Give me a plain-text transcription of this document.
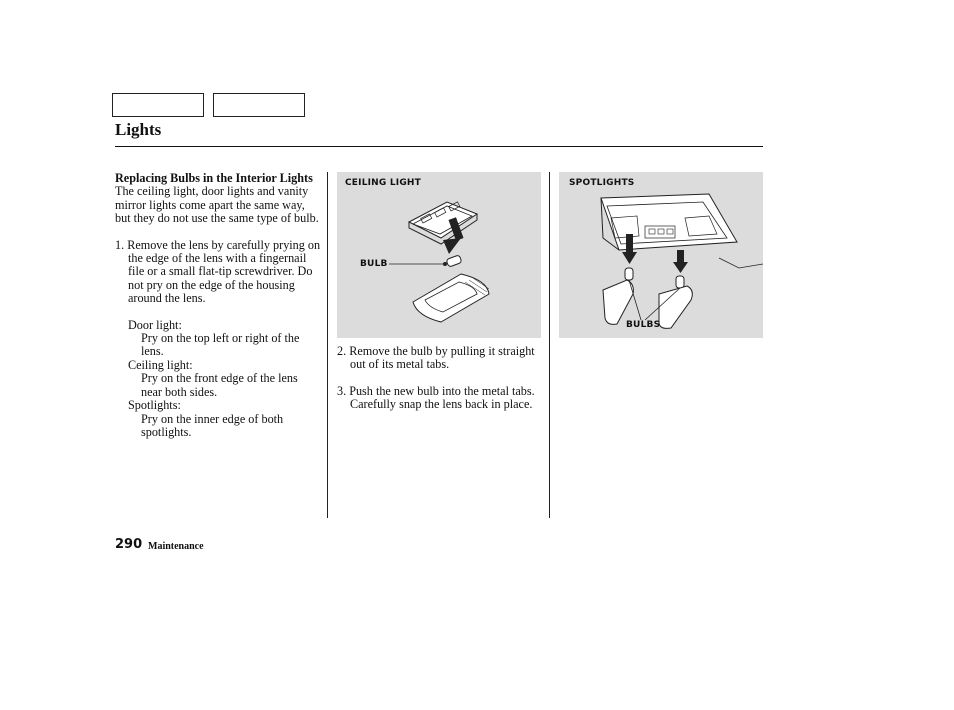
Lights

Replacing Bulbs in the Interior Lights

The ceiling light, door lights and vanity mirror lights come apart the same way, but they do not use the same type of bulb.

1. Remove the lens by carefully prying on the edge of the lens with a fingernail file or a small flat-tip screwdriver. Do not pry on the edge of the housing around the lens.

Door light:

Pry on the top left or right of the lens.

Ceiling light:

Pry on the front edge of the lens near both sides.

Spotlights:

Pry on the inner edge of both spotlights.

CEILING LIGHT
BULB
SPOTLIGHTS
BULBS

2. Remove the bulb by pulling it straight out of its metal tabs.

3. Push the new bulb into the metal tabs. Carefully snap the lens back in place.

290 Maintenance
